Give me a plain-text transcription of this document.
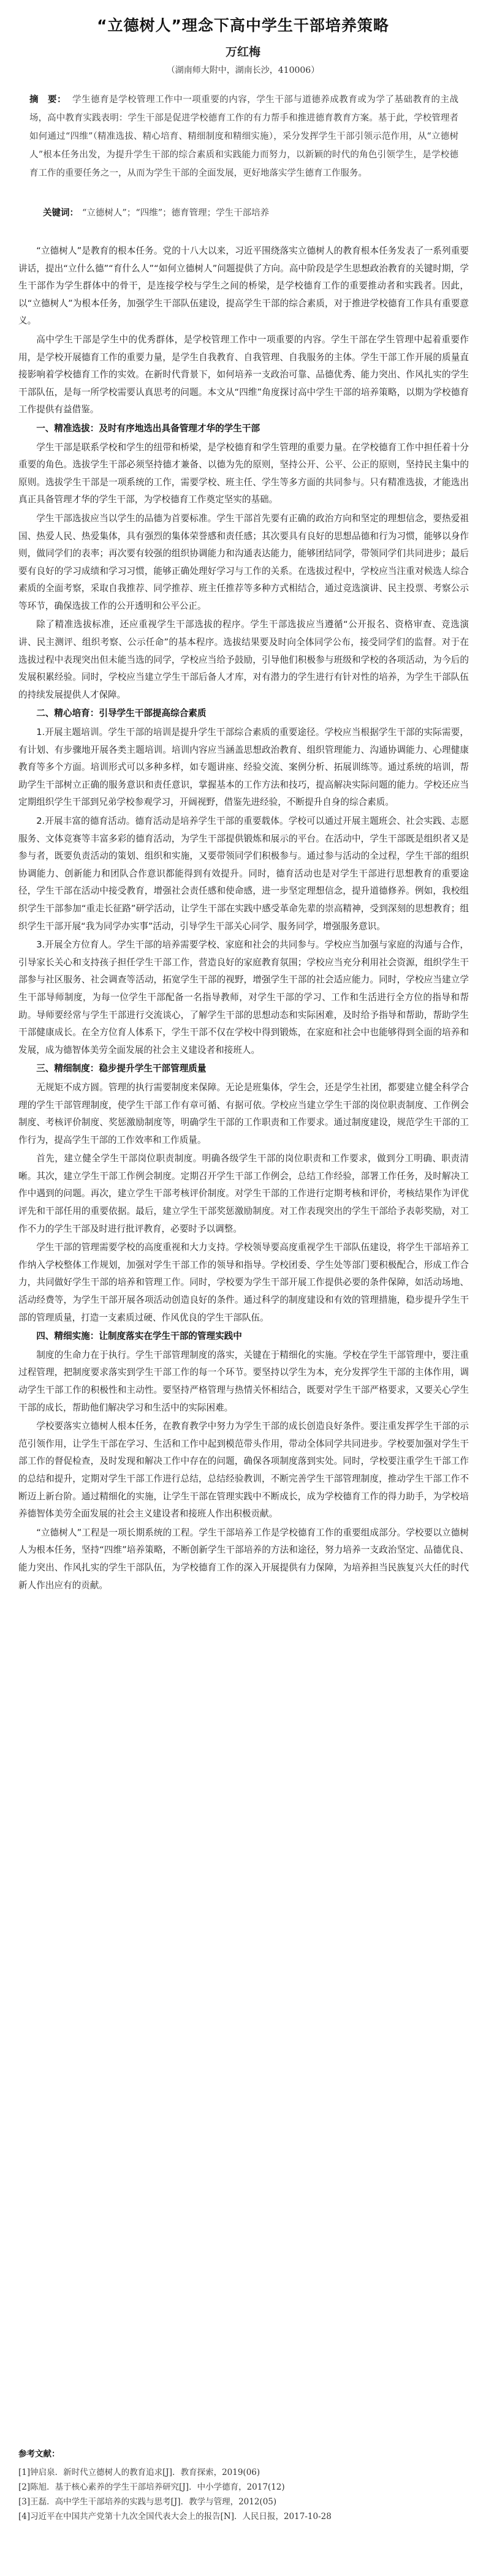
“立德树人”理念下高中学生干部培养策略
万红梅
（湖南师大附中，湖南长沙，410006）
摘　要： 学生德育是学校管理工作中一项重要的内容，学生干部与道德养成教育或为学了基础教育的主战场，高中教育实践表明：学生干部是促进学校德育工作的有力帮手和推进德育教育方案。基于此，学校管理者如何通过“四维”（精准选拔、精心培育、精细制度和精细实施），采分发挥学生干部引领示范作用，从“立德树人”根本任务出发，为提升学生干部的综合素质和实践能力而努力，以新颖的时代的角色引领学生，是学校德育工作的重要任务之一，从而为学生干部的全面发展，更好地落实学生德育工作服务。
关键词： “立德树人”；“四维”；德育管理；学生干部培养

“立德树人”是教育的根本任务。党的十八大以来，习近平围绕落实立德树人的教育根本任务发表了一系列重要讲话，提出“立什么德”“育什么人”“如何立德树人”问题提供了方向。高中阶段是学生思想政治教育的关键时期，学生干部作为学生群体中的骨干，是连接学校与学生之间的桥梁，是学校德育工作的重要推动者和实践者。因此，以“立德树人”为根本任务，加强学生干部队伍建设，提高学生干部的综合素质，对于推进学校德育工作具有重要意义。

高中学生干部是学生中的优秀群体，是学校管理工作中一项重要的内容。学生干部在学生管理中起着重要作用，是学校开展德育工作的重要力量，是学生自我教育、自我管理、自我服务的主体。学生干部工作开展的质量直接影响着学校德育工作的实效。在新时代背景下，如何培养一支政治可靠、品德优秀、能力突出、作风扎实的学生干部队伍，是每一所学校需要认真思考的问题。本文从“四维”角度探讨高中学生干部的培养策略，以期为学校德育工作提供有益借鉴。

一、精准选拔：及时有序地选出具备管理才华的学生干部

学生干部是联系学校和学生的纽带和桥梁，是学校德育和学生管理的重要力量。在学校德育工作中担任着十分重要的角色。选拔学生干部必须坚持德才兼备、以德为先的原则，坚持公开、公平、公正的原则，坚持民主集中的原则。选拔学生干部是一项系统的工作，需要学校、班主任、学生等多方面的共同参与。只有精准选拔，才能选出真正具备管理才华的学生干部，为学校德育工作奠定坚实的基础。

学生干部选拔应当以学生的品德为首要标准。学生干部首先要有正确的政治方向和坚定的理想信念，要热爱祖国、热爱人民、热爱集体，具有强烈的集体荣誉感和责任感；其次要具有良好的思想品德和行为习惯，能够以身作则，做同学们的表率；再次要有较强的组织协调能力和沟通表达能力，能够团结同学，带领同学们共同进步；最后要有良好的学习成绩和学习习惯，能够正确处理好学习与工作的关系。在选拔过程中，学校应当注重对候选人综合素质的全面考察，采取自我推荐、同学推荐、班主任推荐等多种方式相结合，通过竞选演讲、民主投票、考察公示等环节，确保选拔工作的公开透明和公平公正。

除了精准选拔标准，还应重视学生干部选拔的程序。学生干部选拔应当遵循“公开报名、资格审查、竞选演讲、民主测评、组织考察、公示任命”的基本程序。选拔结果要及时向全体同学公布，接受同学们的监督。对于在选拔过程中表现突出但未能当选的同学，学校应当给予鼓励，引导他们积极参与班级和学校的各项活动，为今后的发展积累经验。同时，学校应当建立学生干部后备人才库，对有潜力的学生进行有针对性的培养，为学生干部队伍的持续发展提供人才保障。

二、精心培育：引导学生干部提高综合素质

1.开展主题培训。学生干部的培训是提升学生干部综合素质的重要途径。学校应当根据学生干部的实际需要，有计划、有步骤地开展各类主题培训。培训内容应当涵盖思想政治教育、组织管理能力、沟通协调能力、心理健康教育等多个方面。培训形式可以多种多样，如专题讲座、经验交流、案例分析、拓展训练等。通过系统的培训，帮助学生干部树立正确的服务意识和责任意识，掌握基本的工作方法和技巧，提高解决实际问题的能力。学校还应当定期组织学生干部到兄弟学校参观学习，开阔视野，借鉴先进经验，不断提升自身的综合素质。

2.开展丰富的德育活动。德育活动是培养学生干部的重要载体。学校可以通过开展主题班会、社会实践、志愿服务、文体竞赛等丰富多彩的德育活动，为学生干部提供锻炼和展示的平台。在活动中，学生干部既是组织者又是参与者，既要负责活动的策划、组织和实施，又要带领同学们积极参与。通过参与活动的全过程，学生干部的组织协调能力、创新能力和团队合作意识都能得到有效提升。同时，德育活动也是对学生干部进行思想教育的重要途径，学生干部在活动中接受教育，增强社会责任感和使命感，进一步坚定理想信念，提升道德修养。例如，我校组织学生干部参加“重走长征路”研学活动，让学生干部在实践中感受革命先辈的崇高精神，受到深刻的思想教育；组织学生干部开展“我为同学办实事”活动，引导学生干部关心同学、服务同学，增强服务意识。

3.开展全方位育人。学生干部的培养需要学校、家庭和社会的共同参与。学校应当加强与家庭的沟通与合作，引导家长关心和支持孩子担任学生干部工作，营造良好的家庭教育氛围；学校应当充分利用社会资源，组织学生干部参与社区服务、社会调查等活动，拓宽学生干部的视野，增强学生干部的社会适应能力。同时，学校应当建立学生干部导师制度，为每一位学生干部配备一名指导教师，对学生干部的学习、工作和生活进行全方位的指导和帮助。导师要经常与学生干部进行交流谈心，了解学生干部的思想动态和实际困难，及时给予指导和帮助，帮助学生干部健康成长。在全方位育人体系下，学生干部不仅在学校中得到锻炼，在家庭和社会中也能够得到全面的培养和发展，成为德智体美劳全面发展的社会主义建设者和接班人。

三、精细制度：稳步提升学生干部管理质量

无规矩不成方圆。管理的执行需要制度来保障。无论是班集体，学生会，还是学生社团，都要建立健全科学合理的学生干部管理制度，使学生干部工作有章可循、有据可依。学校应当建立学生干部的岗位职责制度、工作例会制度、考核评价制度、奖惩激励制度等，明确学生干部的工作职责和工作要求。通过制度建设，规范学生干部的工作行为，提高学生干部的工作效率和工作质量。

首先，建立健全学生干部岗位职责制度。明确各级学生干部的岗位职责和工作要求，做到分工明确、职责清晰。其次，建立学生干部工作例会制度。定期召开学生干部工作例会，总结工作经验，部署工作任务，及时解决工作中遇到的问题。再次，建立学生干部考核评价制度。对学生干部的工作进行定期考核和评价，考核结果作为评优评先和干部任用的重要依据。最后，建立学生干部奖惩激励制度。对工作表现突出的学生干部给予表彰奖励，对工作不力的学生干部及时进行批评教育，必要时予以调整。

学生干部的管理需要学校的高度重视和大力支持。学校领导要高度重视学生干部队伍建设，将学生干部培养工作纳入学校整体工作规划，加强对学生干部工作的领导和指导。学校团委、学生处等部门要积极配合，形成工作合力，共同做好学生干部的培养和管理工作。同时，学校要为学生干部开展工作提供必要的条件保障，如活动场地、活动经费等，为学生干部开展各项活动创造良好的条件。通过科学的制度建设和有效的管理措施，稳步提升学生干部的管理质量，打造一支素质过硬、作风优良的学生干部队伍。

四、精细实施：让制度落实在学生干部的管理实践中

制度的生命力在于执行。学生干部管理制度的落实，关键在于精细化的实施。学校在学生干部管理中，要注重过程管理，把制度要求落实到学生干部工作的每一个环节。要坚持以学生为本，充分发挥学生干部的主体作用，调动学生干部工作的积极性和主动性。要坚持严格管理与热情关怀相结合，既要对学生干部严格要求，又要关心学生干部的成长，帮助他们解决学习和生活中的实际困难。

学校要落实立德树人根本任务，在教育教学中努力为学生干部的成长创造良好条件。要注重发挥学生干部的示范引领作用，让学生干部在学习、生活和工作中起到模范带头作用，带动全体同学共同进步。学校要加强对学生干部工作的督促检查，及时发现和解决工作中存在的问题，确保各项制度落到实处。同时，学校要注重学生干部工作的总结和提升，定期对学生干部工作进行总结，总结经验教训，不断完善学生干部管理制度，推动学生干部工作不断迈上新台阶。通过精细化的实施，让学生干部在管理实践中不断成长，成为学校德育工作的得力助手，为学校培养德智体美劳全面发展的社会主义建设者和接班人作出积极贡献。

“立德树人”工程是一项长期系统的工程。学生干部培养工作是学校德育工作的重要组成部分。学校要以立德树人为根本任务，坚持“四维”培养策略，不断创新学生干部培养的方法和途径，努力培养一支政治坚定、品德优良、能力突出、作风扎实的学生干部队伍，为学校德育工作的深入开展提供有力保障，为培养担当民族复兴大任的时代新人作出应有的贡献。

参考文献：
[1]钟启泉．新时代立德树人的教育追求[J]．教育探索，2019(06)
[2]陈旭．基于核心素养的学生干部培养研究[J]．中小学德育，2017(12)
[3]王磊．高中学生干部培养的实践与思考[J]．教学与管理，2012(05)
[4]习近平在中国共产党第十九次全国代表大会上的报告[N]．人民日报，2017-10-28
